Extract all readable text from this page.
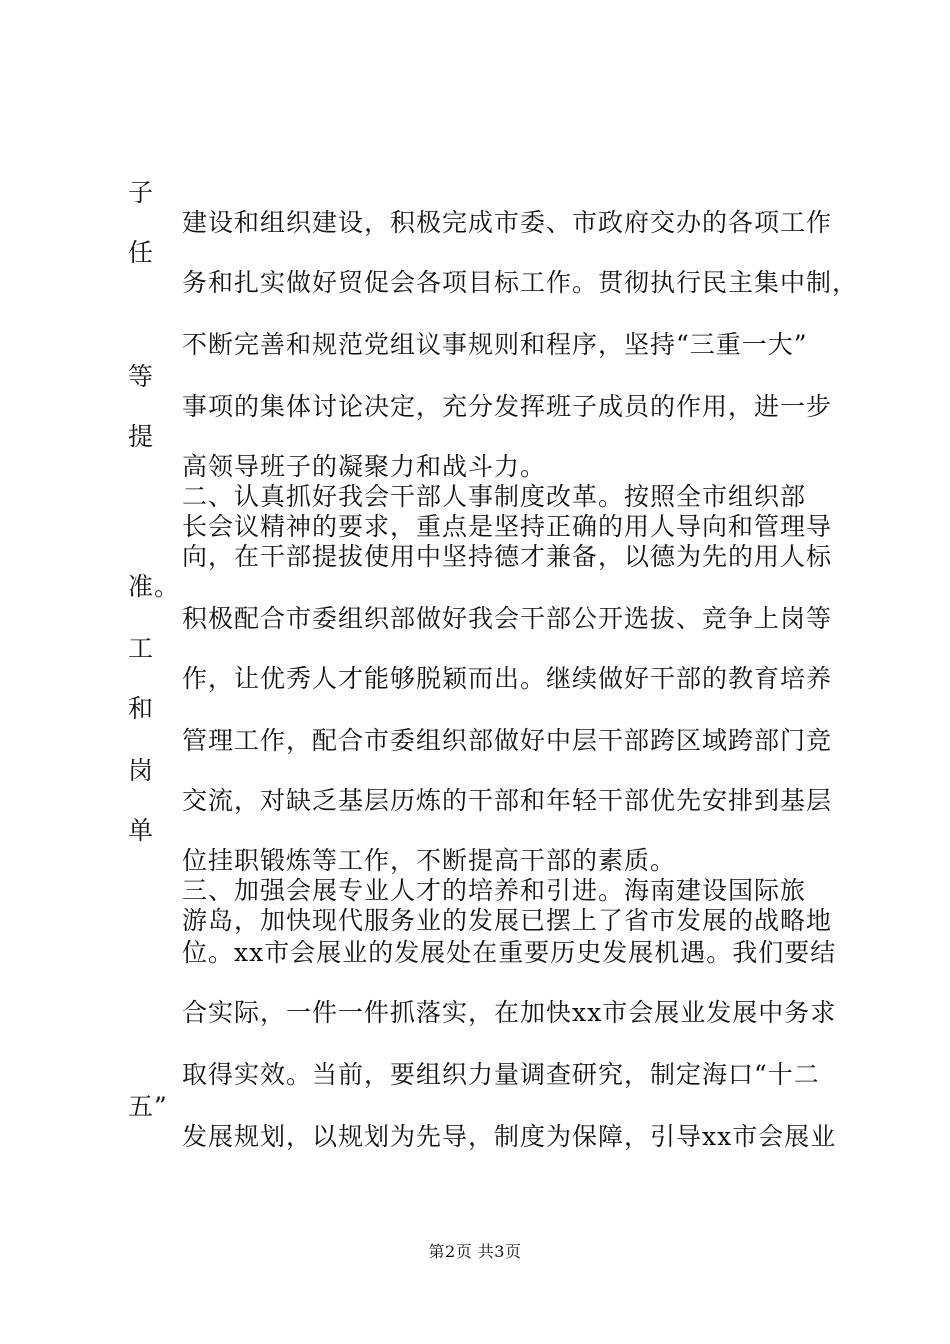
子
建设和组织建设，积极完成市委、市政府交办的各项工作
任
务和扎实做好贸促会各项目标工作。贯彻执行民主集中制，
不断完善和规范党组议事规则和程序，坚持“三重一大”
等
事项的集体讨论决定，充分发挥班子成员的作用，进一步
提
高领导班子的凝聚力和战斗力。
二、认真抓好我会干部人事制度改革。按照全市组织部
长会议精神的要求，重点是坚持正确的用人导向和管理导
向，在干部提拔使用中坚持德才兼备，以德为先的用人标
准。
积极配合市委组织部做好我会干部公开选拔、竞争上岗等
工
作，让优秀人才能够脱颖而出。继续做好干部的教育培养
和
管理工作，配合市委组织部做好中层干部跨区域跨部门竞
岗
交流，对缺乏基层历炼的干部和年轻干部优先安排到基层
单
位挂职锻炼等工作，不断提高干部的素质。
三、加强会展专业人才的培养和引进。海南建设国际旅
游岛，加快现代服务业的发展已摆上了省市发展的战略地
位。xx市会展业的发展处在重要历史发展机遇。我们要结
合实际，一件一件抓落实，在加快xx市会展业发展中务求
取得实效。当前，要组织力量调查研究，制定海口“十二
五”
发展规划，以规划为先导，制度为保障，引导xx市会展业
第2页 共3页
